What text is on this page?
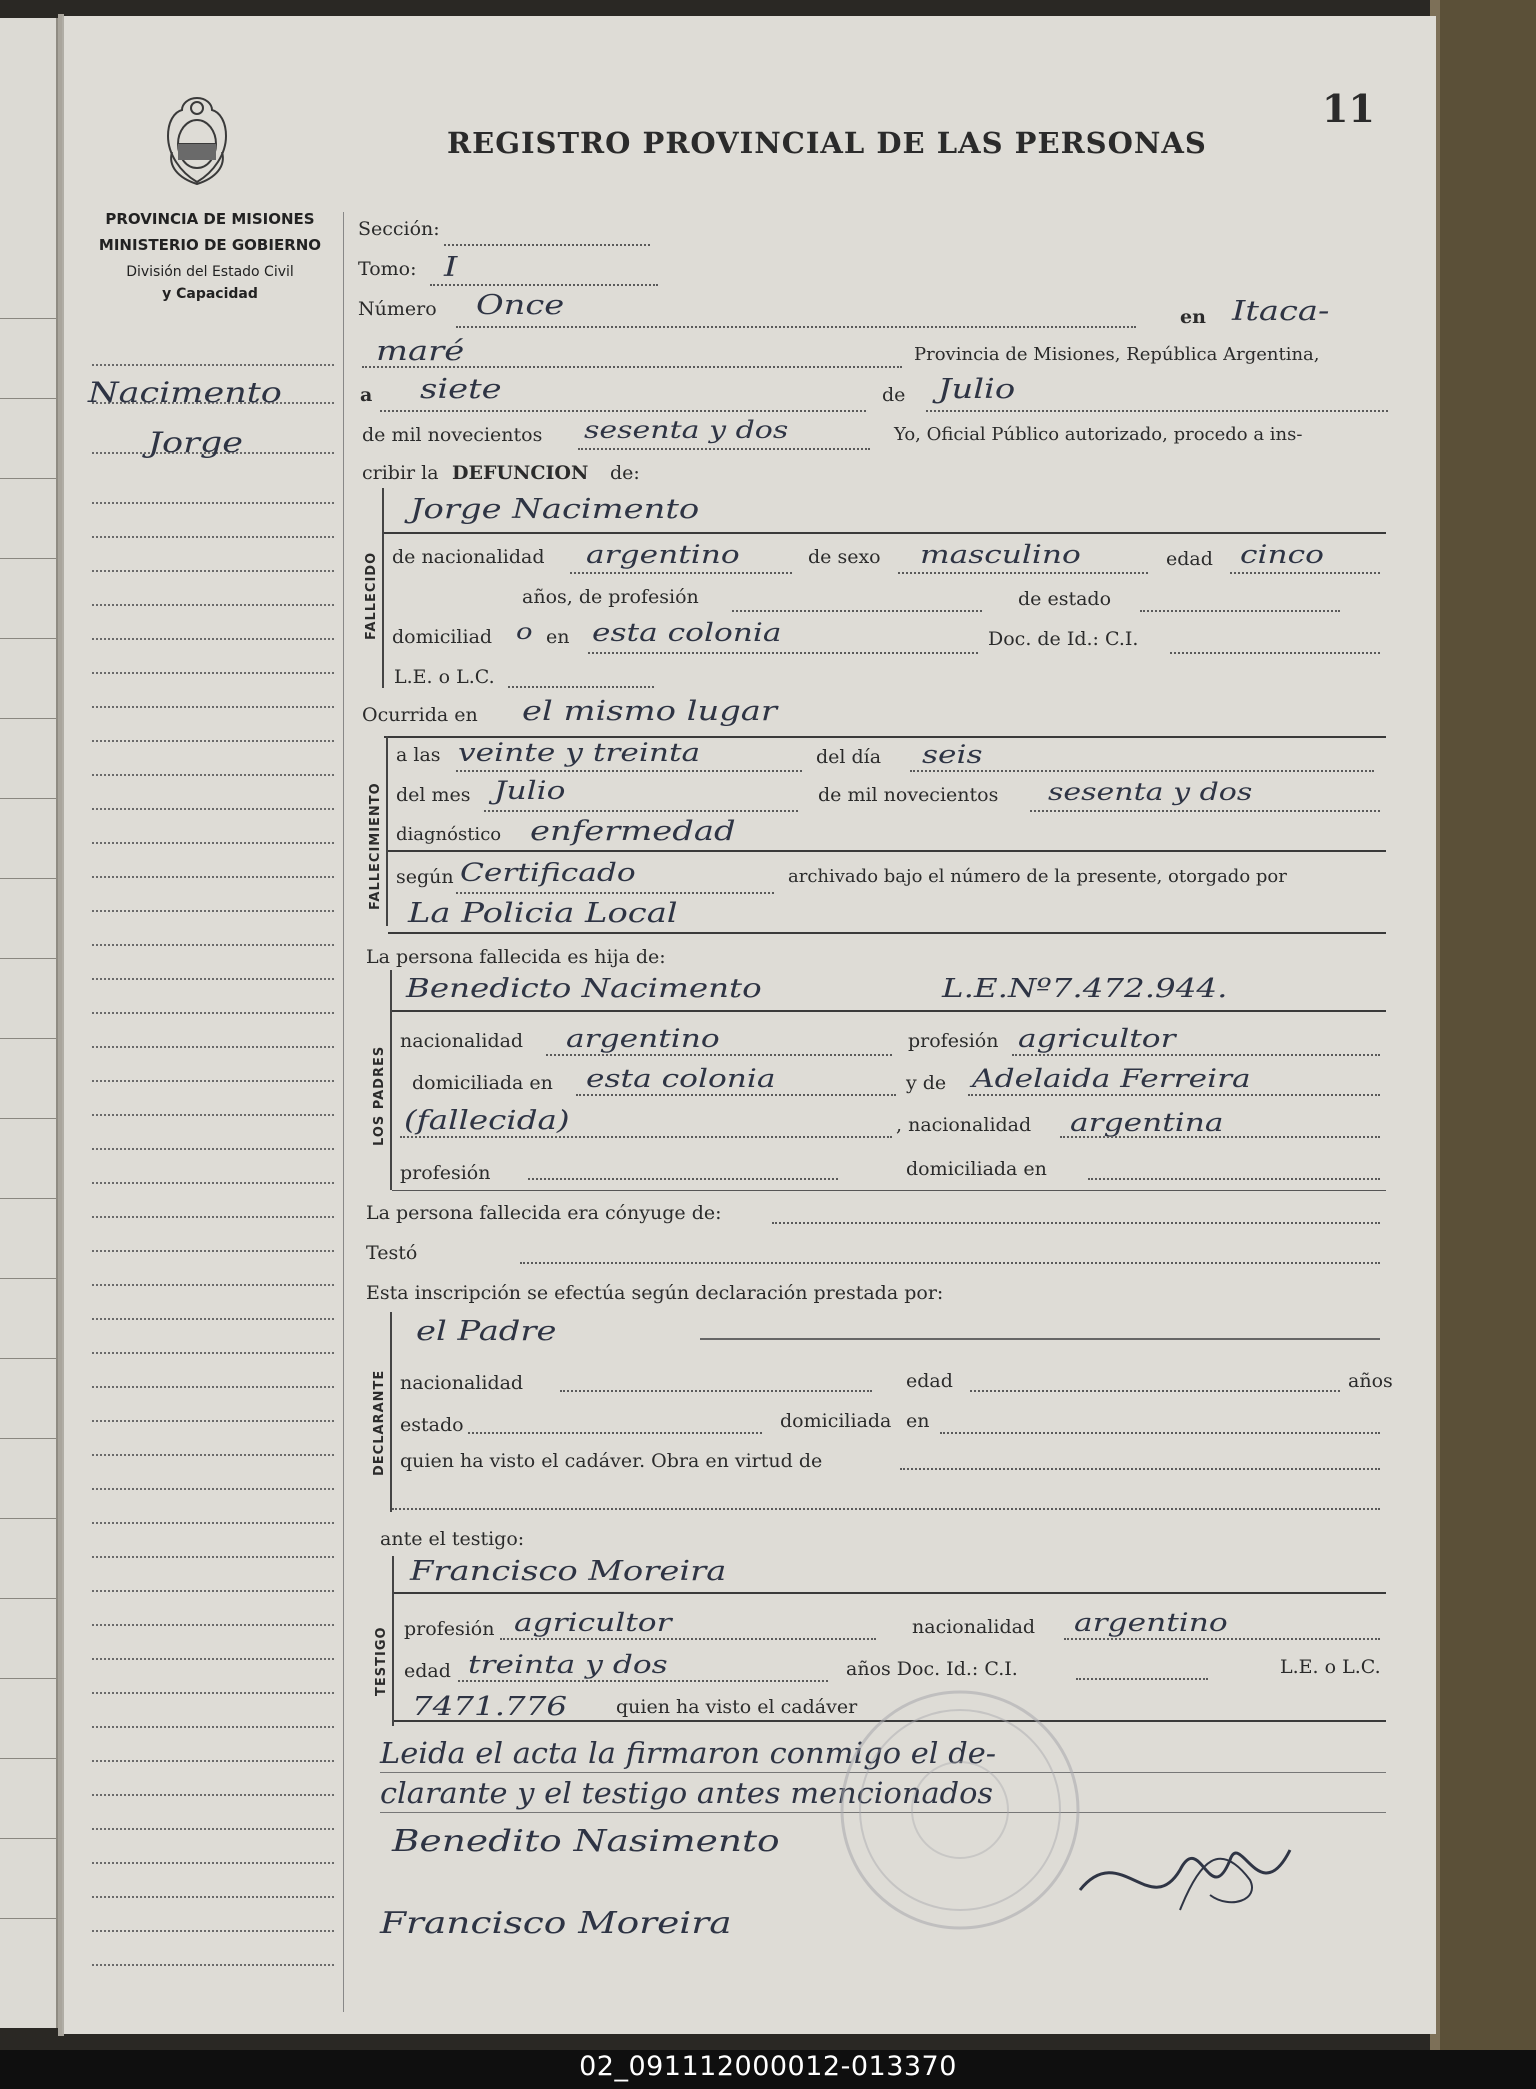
11
REGISTRO PROVINCIAL DE LAS PERSONAS
PROVINCIA DE MISIONES
MINISTERIO DE GOBIERNO
División del Estado Civil
y Capacidad
Nacimento
Jorge
Sección:
Tomo: I
Número Once	en Itaca-
maré	Provincia de Misiones, República Argentina,
a siete	de Julio
de mil novecientos sesenta y dos	Yo, Oficial Público autorizado, procedo a ins-
cribir la DEFUNCION de:
FALLECIDO
Jorge Nacimento
de nacionalidad argentino	de sexo masculino	edad cinco
años, de profesión	de estado
domiciliad o en esta colonia	Doc. de Id.: C.I.
L.E. o L.C.
Ocurrida en el mismo lugar
FALLECIMIENTO
a las veinte y treinta	del día seis
del mes Julio	de mil novecientos sesenta y dos
diagnóstico enfermedad
según Certificado	archivado bajo el número de la presente, otorgado por
La Policia Local
La persona fallecida es hija de:
LOS PADRES
Benedicto Nacimento	L.E.Nº7.472.944.
nacionalidad argentino	profesión agricultor
domiciliada en esta colonia	y de Adelaida Ferreira
(fallecida)	, nacionalidad argentina
profesión	domiciliada en
La persona fallecida era cónyuge de:
Testó
Esta inscripción se efectúa según declaración prestada por:
DECLARANTE
el Padre
nacionalidad	edad	años
estado	domiciliada en
quien ha visto el cadáver. Obra en virtud de
ante el testigo:
TESTIGO
Francisco Moreira
profesión agricultor	nacionalidad argentino
edad treinta y dos	años Doc. Id.: C.I.	L.E. o L.C.
7471.776	quien ha visto el cadáver
Leida el acta la firmaron conmigo el de-
clarante y el testigo antes mencionados
Benedito Nasimento
Francisco Moreira
02_091112000012-013370
